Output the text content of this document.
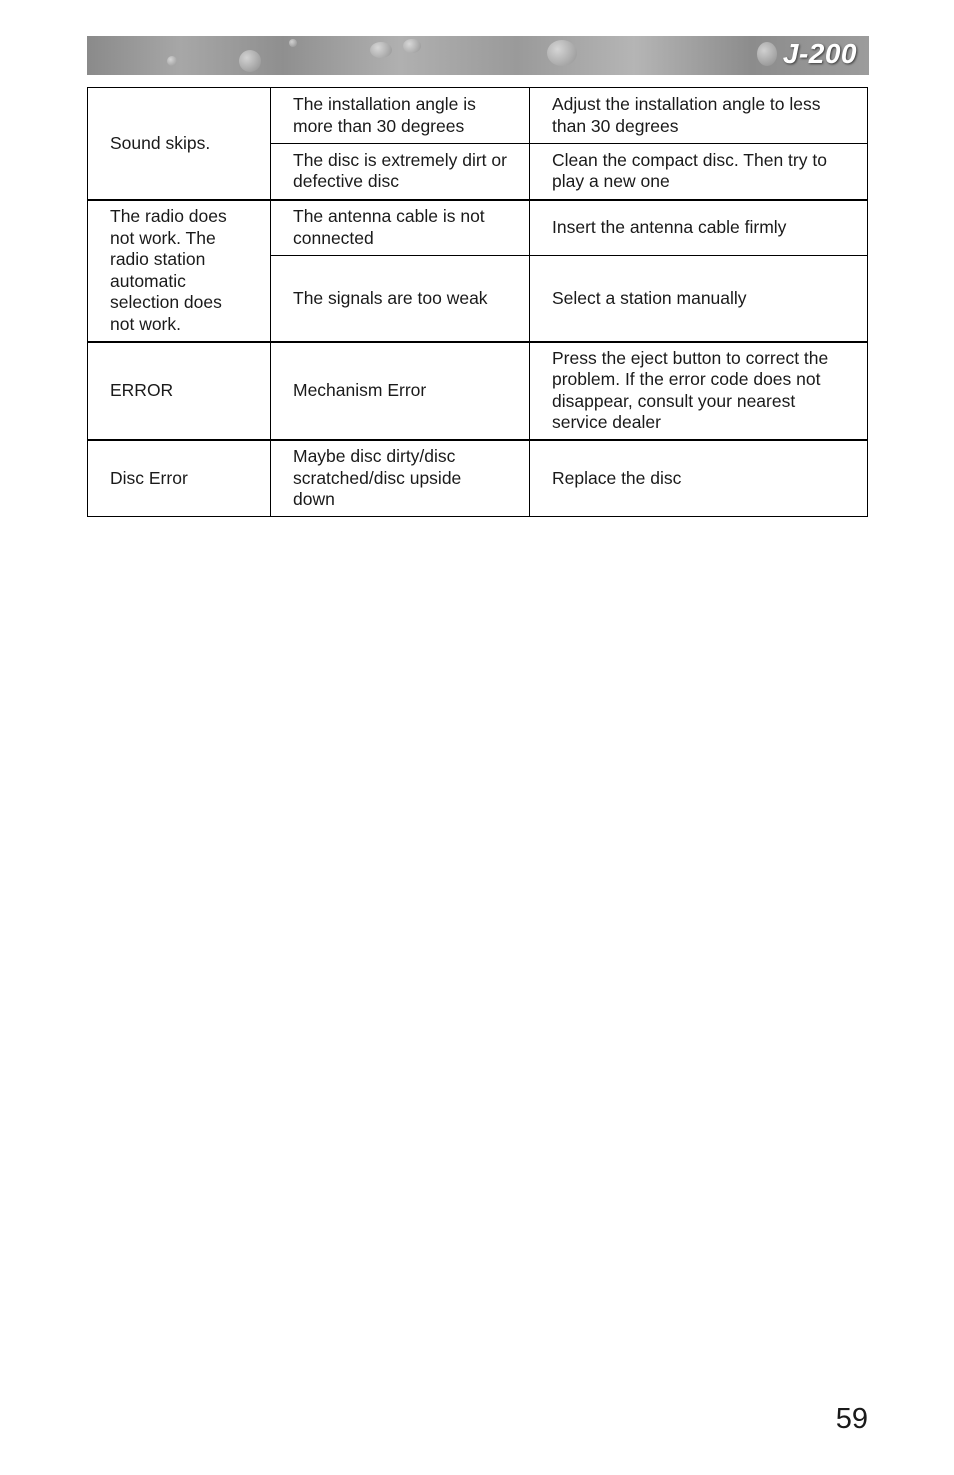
J-200
Sound skips.	The installation angle is more than 30 degrees	Adjust the installation angle to less than 30 degrees
	The disc is extremely dirt or defective disc	Clean the compact disc. Then try to play a new one
The radio does not work. The radio station automatic selection does not work.	The antenna cable is not connected	Insert the antenna cable firmly
	The signals are too weak	Select a station manually
ERROR	Mechanism Error	Press the eject button to correct the problem. If the error code does not disappear, consult your nearest service dealer
Disc Error	Maybe disc dirty/disc scratched/disc upside down	Replace the disc
59
